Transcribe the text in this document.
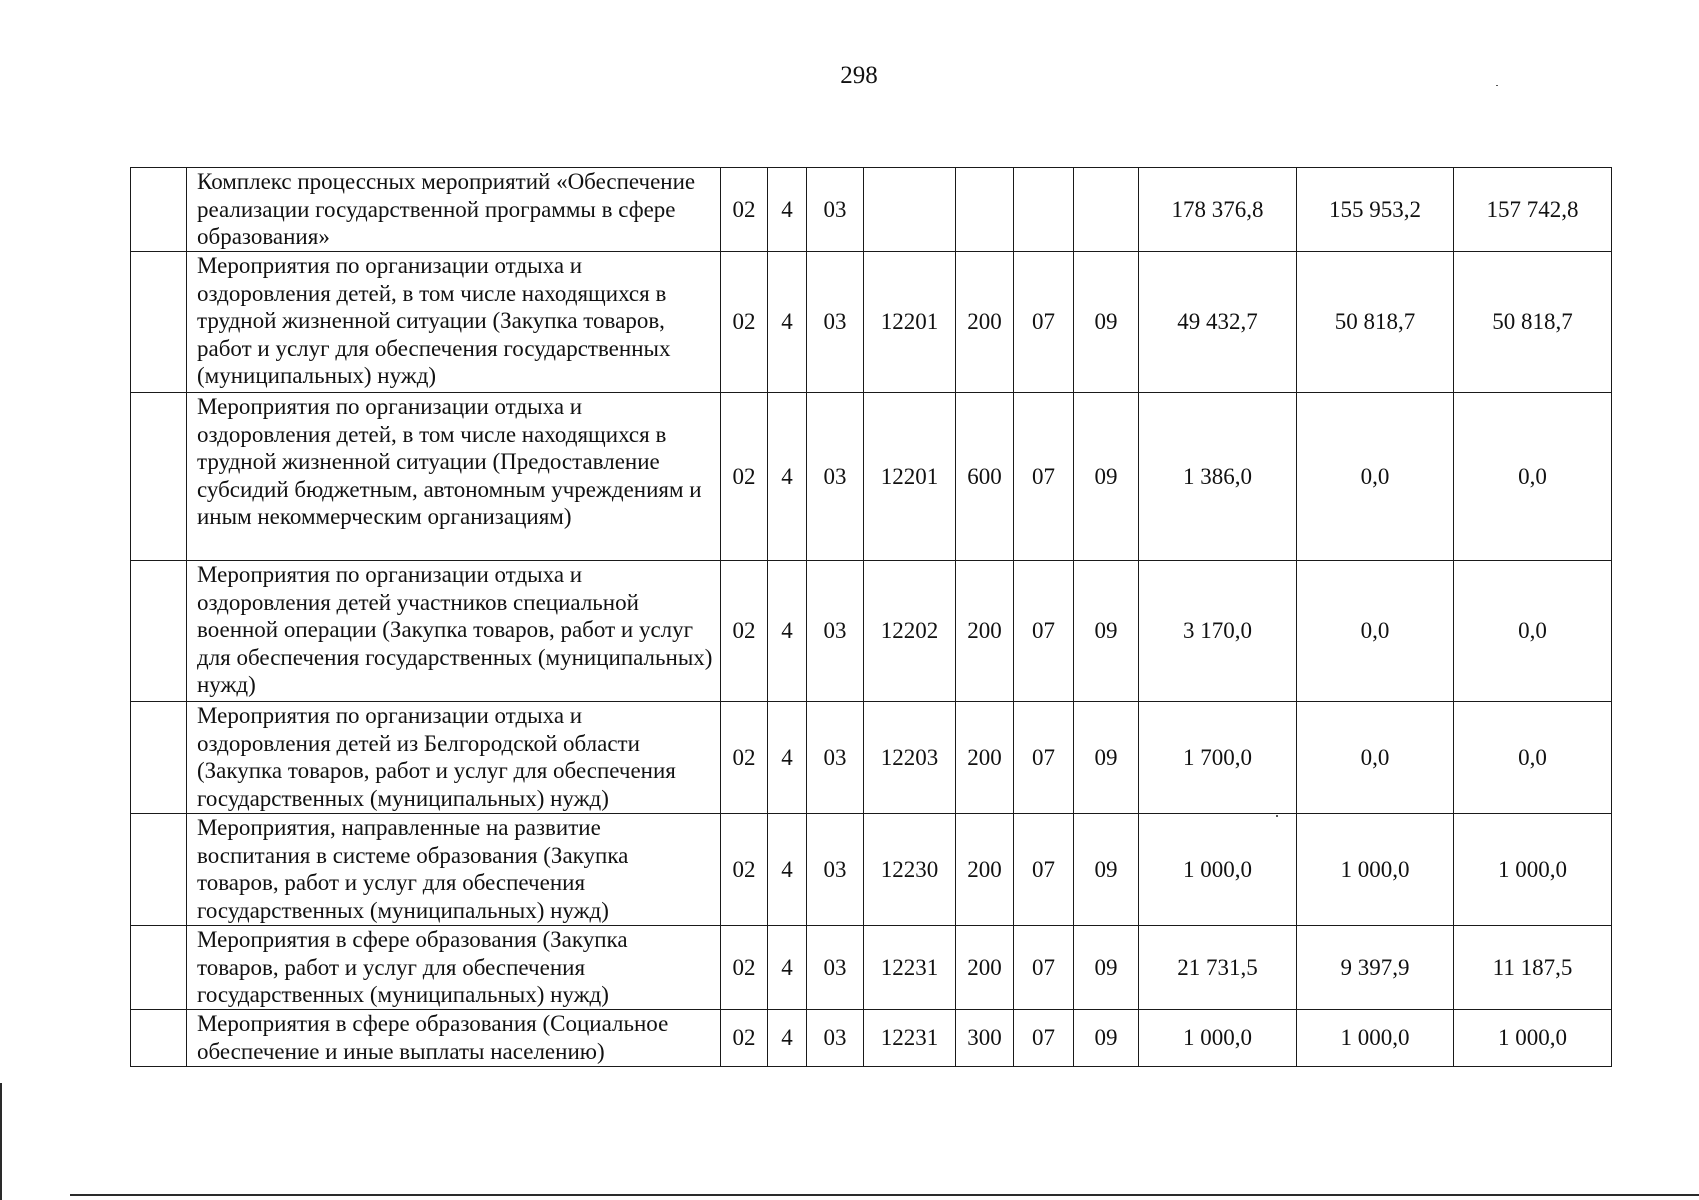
298
	Комплекс процессных мероприятий «Обеспечение реализации государственной программы в сфере образования»	02	4	03					178 376,8	155 953,2	157 742,8
	Мероприятия по организации отдыха и оздоровления детей, в том числе находящихся в трудной жизненной ситуации (Закупка товаров, работ и услуг для обеспечения государственных (муниципальных) нужд)	02	4	03	12201	200	07	09	49 432,7	50 818,7	50 818,7
	Мероприятия по организации отдыха и оздоровления детей, в том числе находящихся в трудной жизненной ситуации (Предоставление субсидий бюджетным, автономным учреждениям и иным некоммерческим организациям)	02	4	03	12201	600	07	09	1 386,0	0,0	0,0
	Мероприятия по организации отдыха и оздоровления детей участников специальной военной операции (Закупка товаров, работ и услуг для обеспечения государственных (муниципальных) нужд)	02	4	03	12202	200	07	09	3 170,0	0,0	0,0
	Мероприятия по организации отдыха и оздоровления детей из Белгородской области (Закупка товаров, работ и услуг для обеспечения государственных (муниципальных) нужд)	02	4	03	12203	200	07	09	1 700,0	0,0	0,0
	Мероприятия, направленные на развитие воспитания в системе образования (Закупка товаров, работ и услуг для обеспечения государственных (муниципальных) нужд)	02	4	03	12230	200	07	09	1 000,0	1 000,0	1 000,0
	Мероприятия в сфере образования (Закупка товаров, работ и услуг для обеспечения государственных (муниципальных) нужд)	02	4	03	12231	200	07	09	21 731,5	9 397,9	11 187,5
	Мероприятия в сфере образования (Социальное обеспечение и иные выплаты населению)	02	4	03	12231	300	07	09	1 000,0	1 000,0	1 000,0
